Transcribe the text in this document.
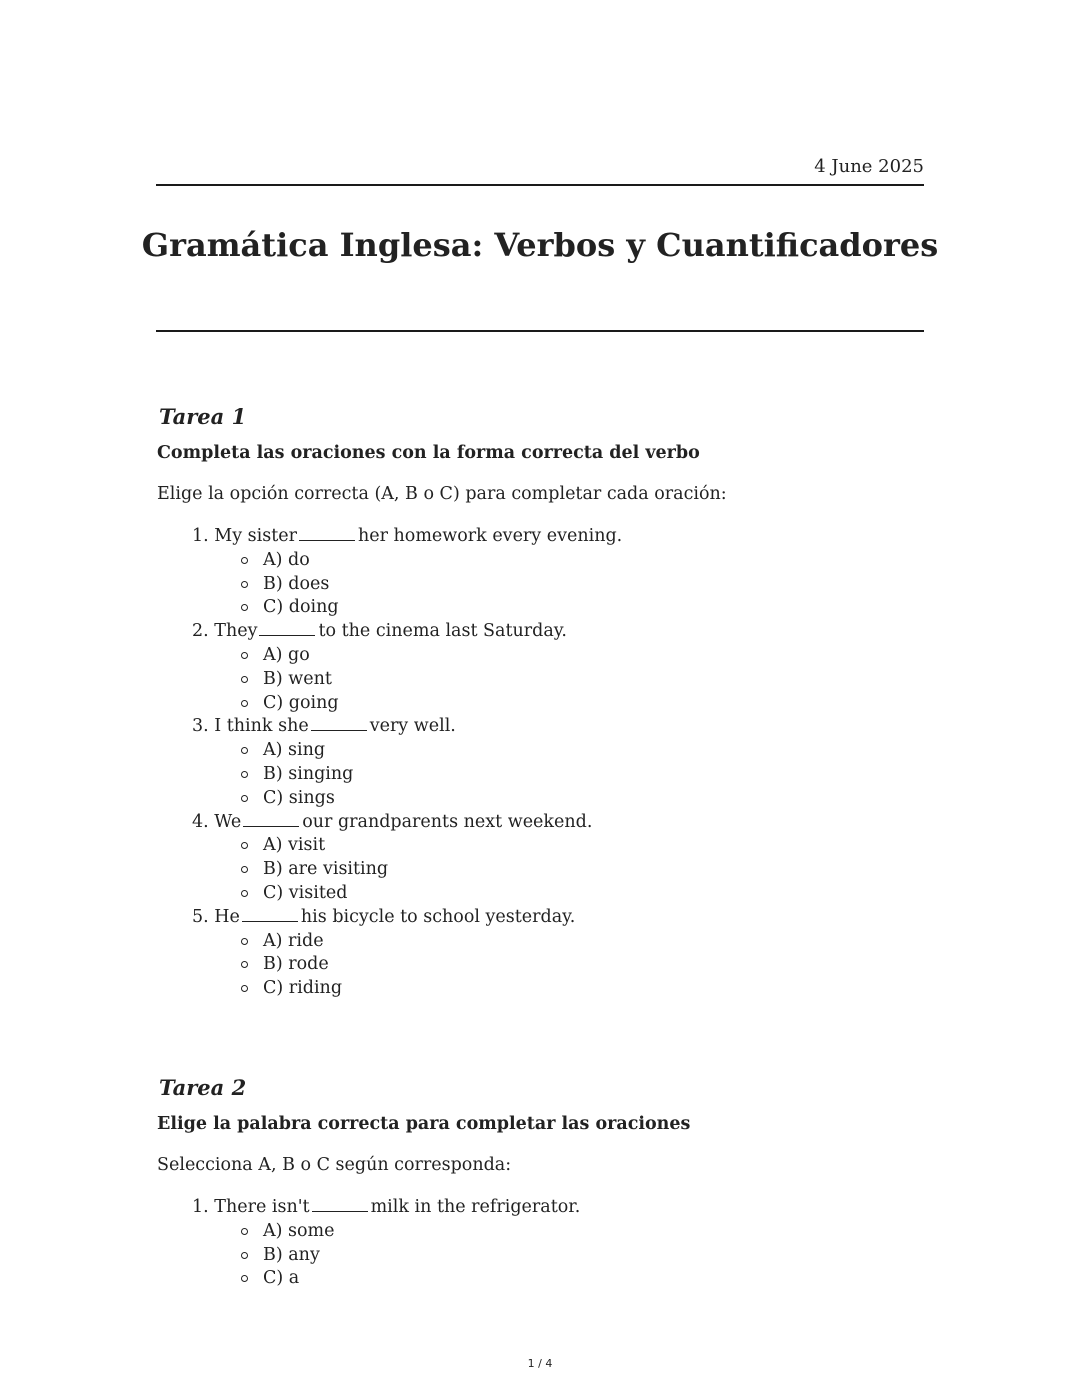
4 June 2025
Gramática Inglesa: Verbos y Cuantificadores
Tarea 1

Completa las oraciones con la forma correcta del verbo

Elige la opción correcta (A, B o C) para completar cada oración:

1. My sister	her homework every evening.
A) do
B) does
C) doing
2. They	to the cinema last Saturday.
A) go
B) went
C) going
3. I think she	very well.
A) sing
B) singing
C) sings
4. We	our grandparents next weekend.
A) visit
B) are visiting
C) visited
5. He	his bicycle to school yesterday.
A) ride
B) rode
C) riding
Tarea 2

Elige la palabra correcta para completar las oraciones

Selecciona A, B o C según corresponda:

1. There isn't	milk in the refrigerator.
A) some
B) any
C) a
1 / 4
